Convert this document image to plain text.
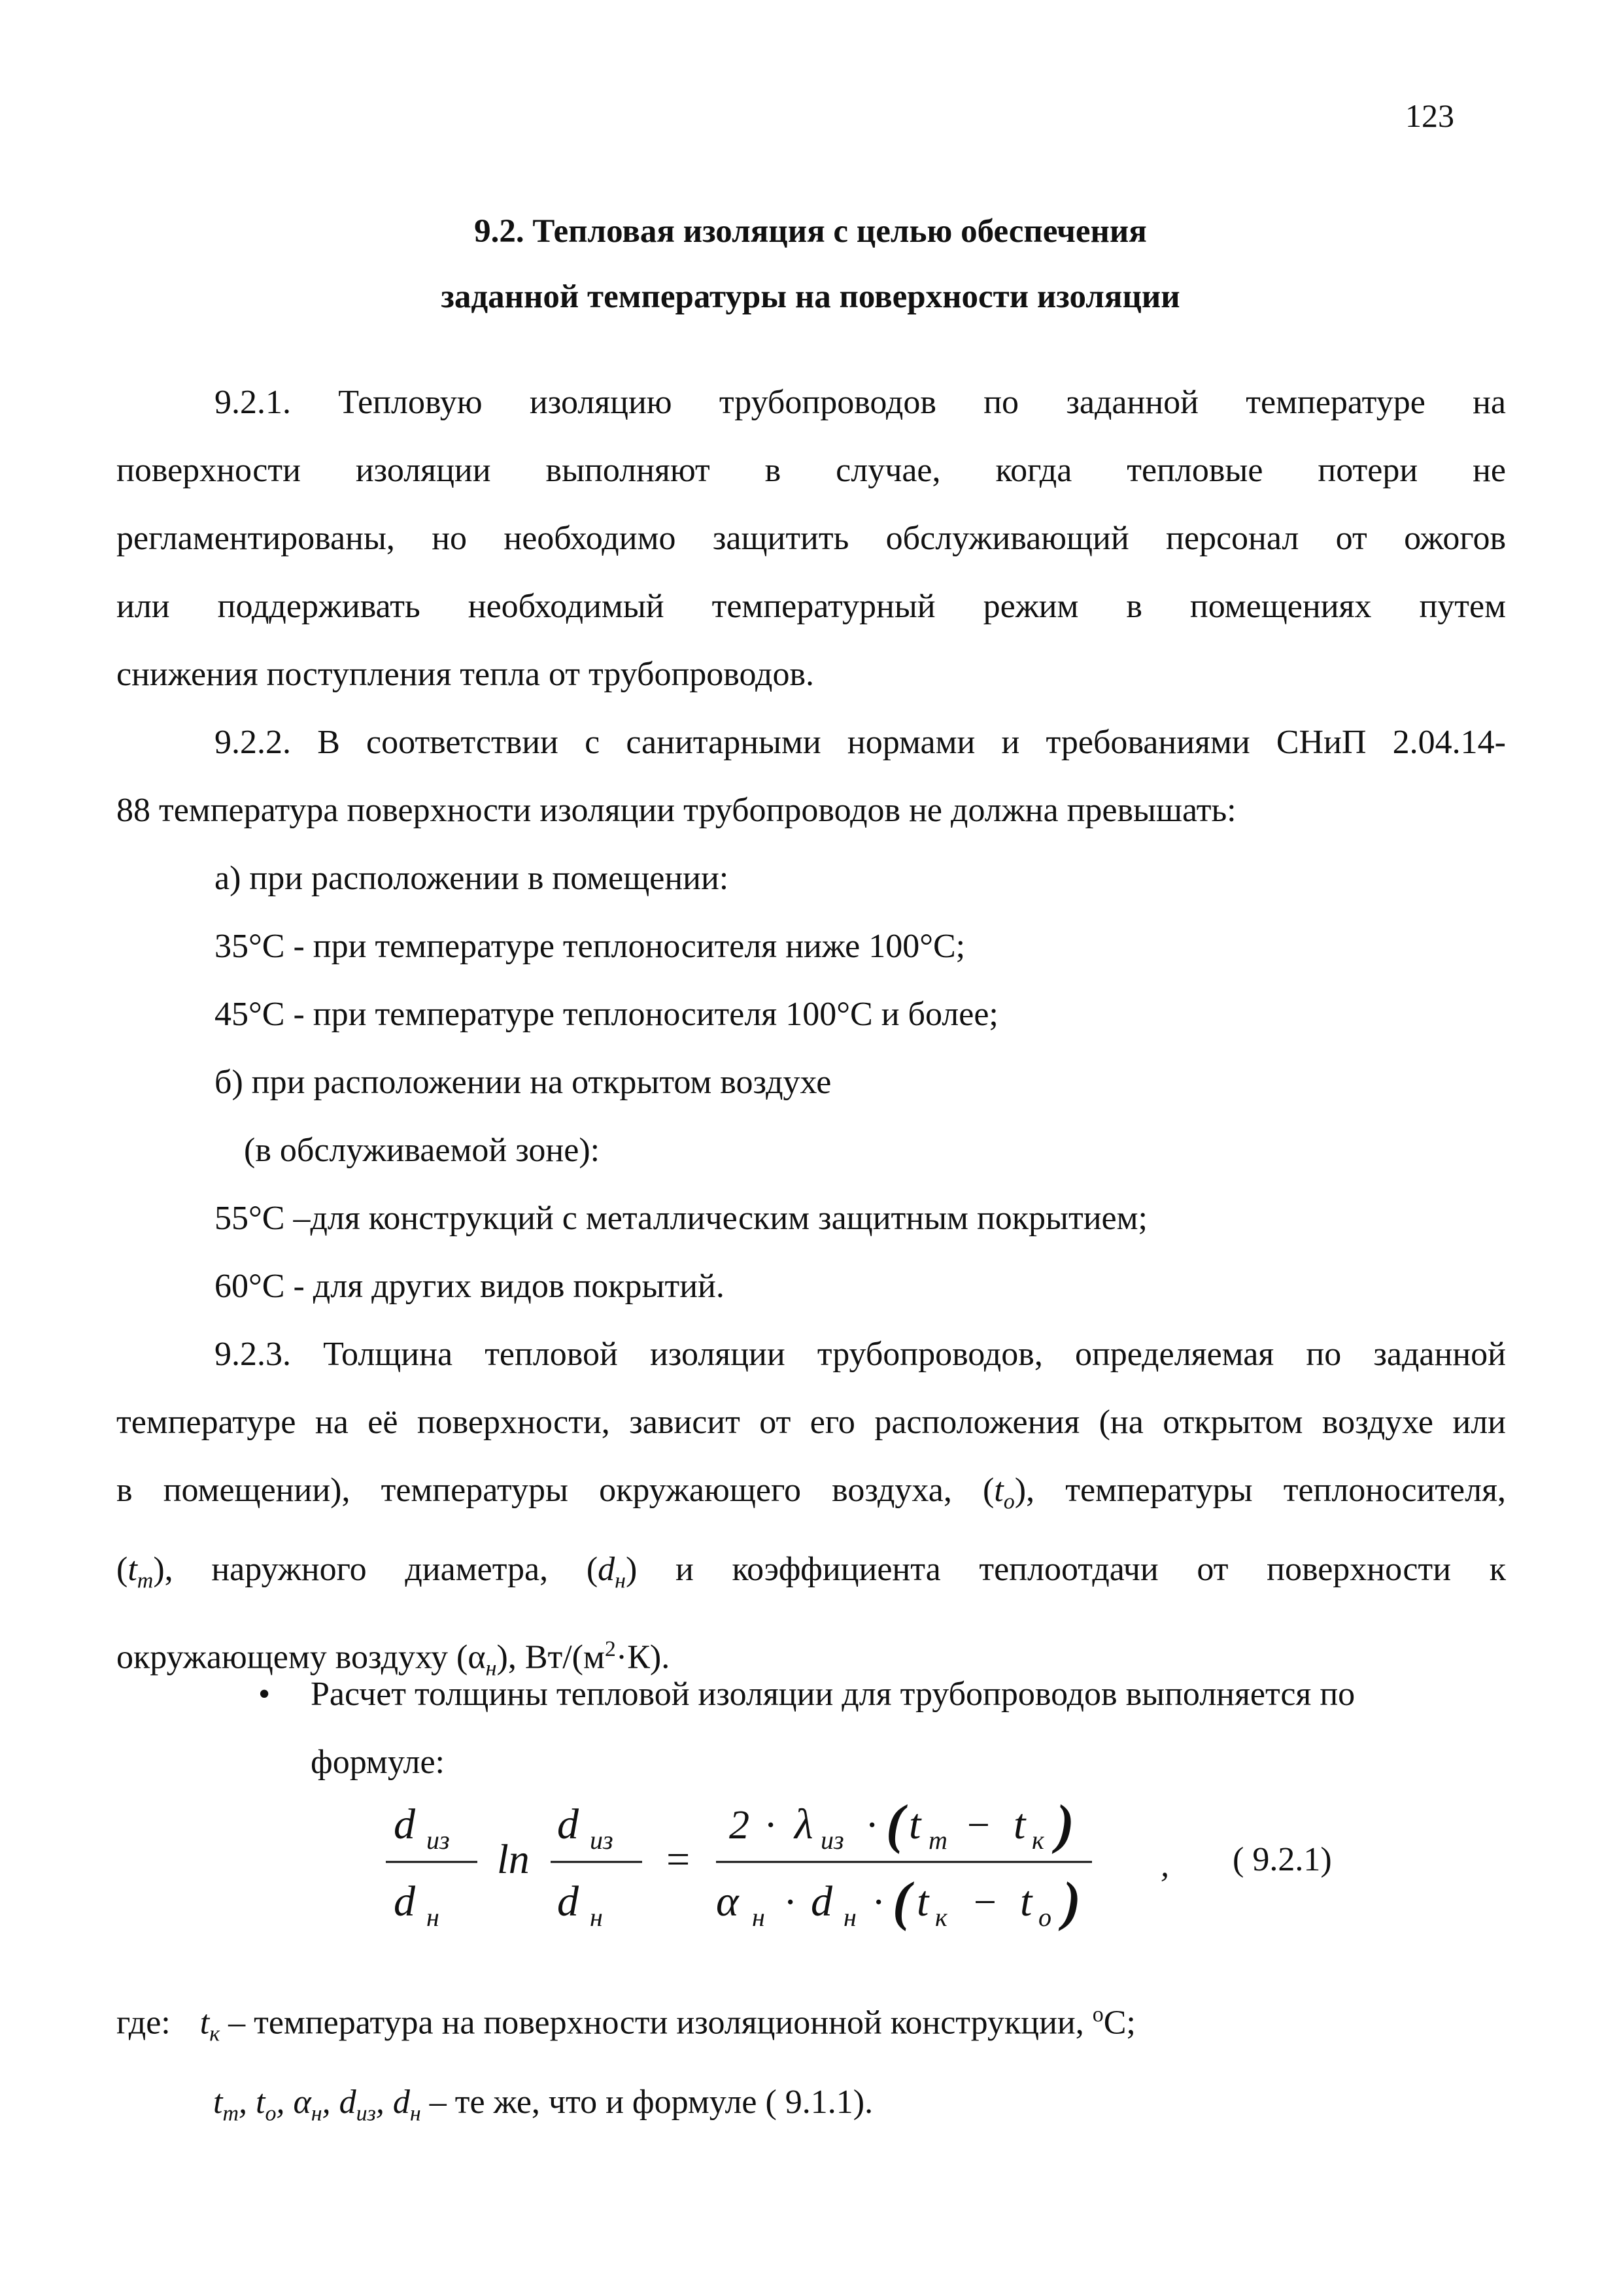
123
9.2. Тепловая изоляция с целью обеспечения
заданной температуры на поверхности изоляции
9.2.1. Тепловую изоляцию трубопроводов по заданной температуре на
поверхности изоляции выполняют в случае, когда тепловые потери не
регламентированы, но необходимо защитить обслуживающий персонал от ожогов
или поддерживать необходимый температурный режим в помещениях путем
снижения поступления тепла от трубопроводов.
9.2.2. В соответствии с санитарными нормами и требованиями СНиП 2.04.14-
88 температура поверхности изоляции трубопроводов не должна превышать:
а) при расположении в помещении:
35°C - при температуре теплоносителя ниже 100°C;
45°C - при температуре теплоносителя 100°C и более;
б) при расположении на открытом воздухе
(в обслуживаемой зоне):
55°C –для конструкций с металлическим защитным покрытием;
60°C - для других видов покрытий.
9.2.3. Толщина тепловой изоляции трубопроводов, определяемая по заданной
температуре на её поверхности, зависит от его расположения (на открытом воздухе или
в помещении), температуры окружающего воздуха, $(t_о)$, температуры теплоносителя,
$(t_т)$, наружного диаметра, $(d_н)$ и коэффициента теплоотдачи от поверхности к
окружающему воздуху $(\alpha_н)$, $Вт/(м^2\cdot К)$.
• Расчет толщины тепловой изоляции для трубопроводов выполняется по
формуле:
d из
d н
ln
d из
d н
=
2 · λ из · ( t т − t к )
α н · d н · ( t к − t о )
, ( 9.2.1)
где: $t_к$ – температура на поверхности изоляционной конструкции, $^o$C;
$t_т$, $t_о$, $\alpha_н$, $d_{из}$, $d_н$ – те же, что и формуле ( 9.1.1).
